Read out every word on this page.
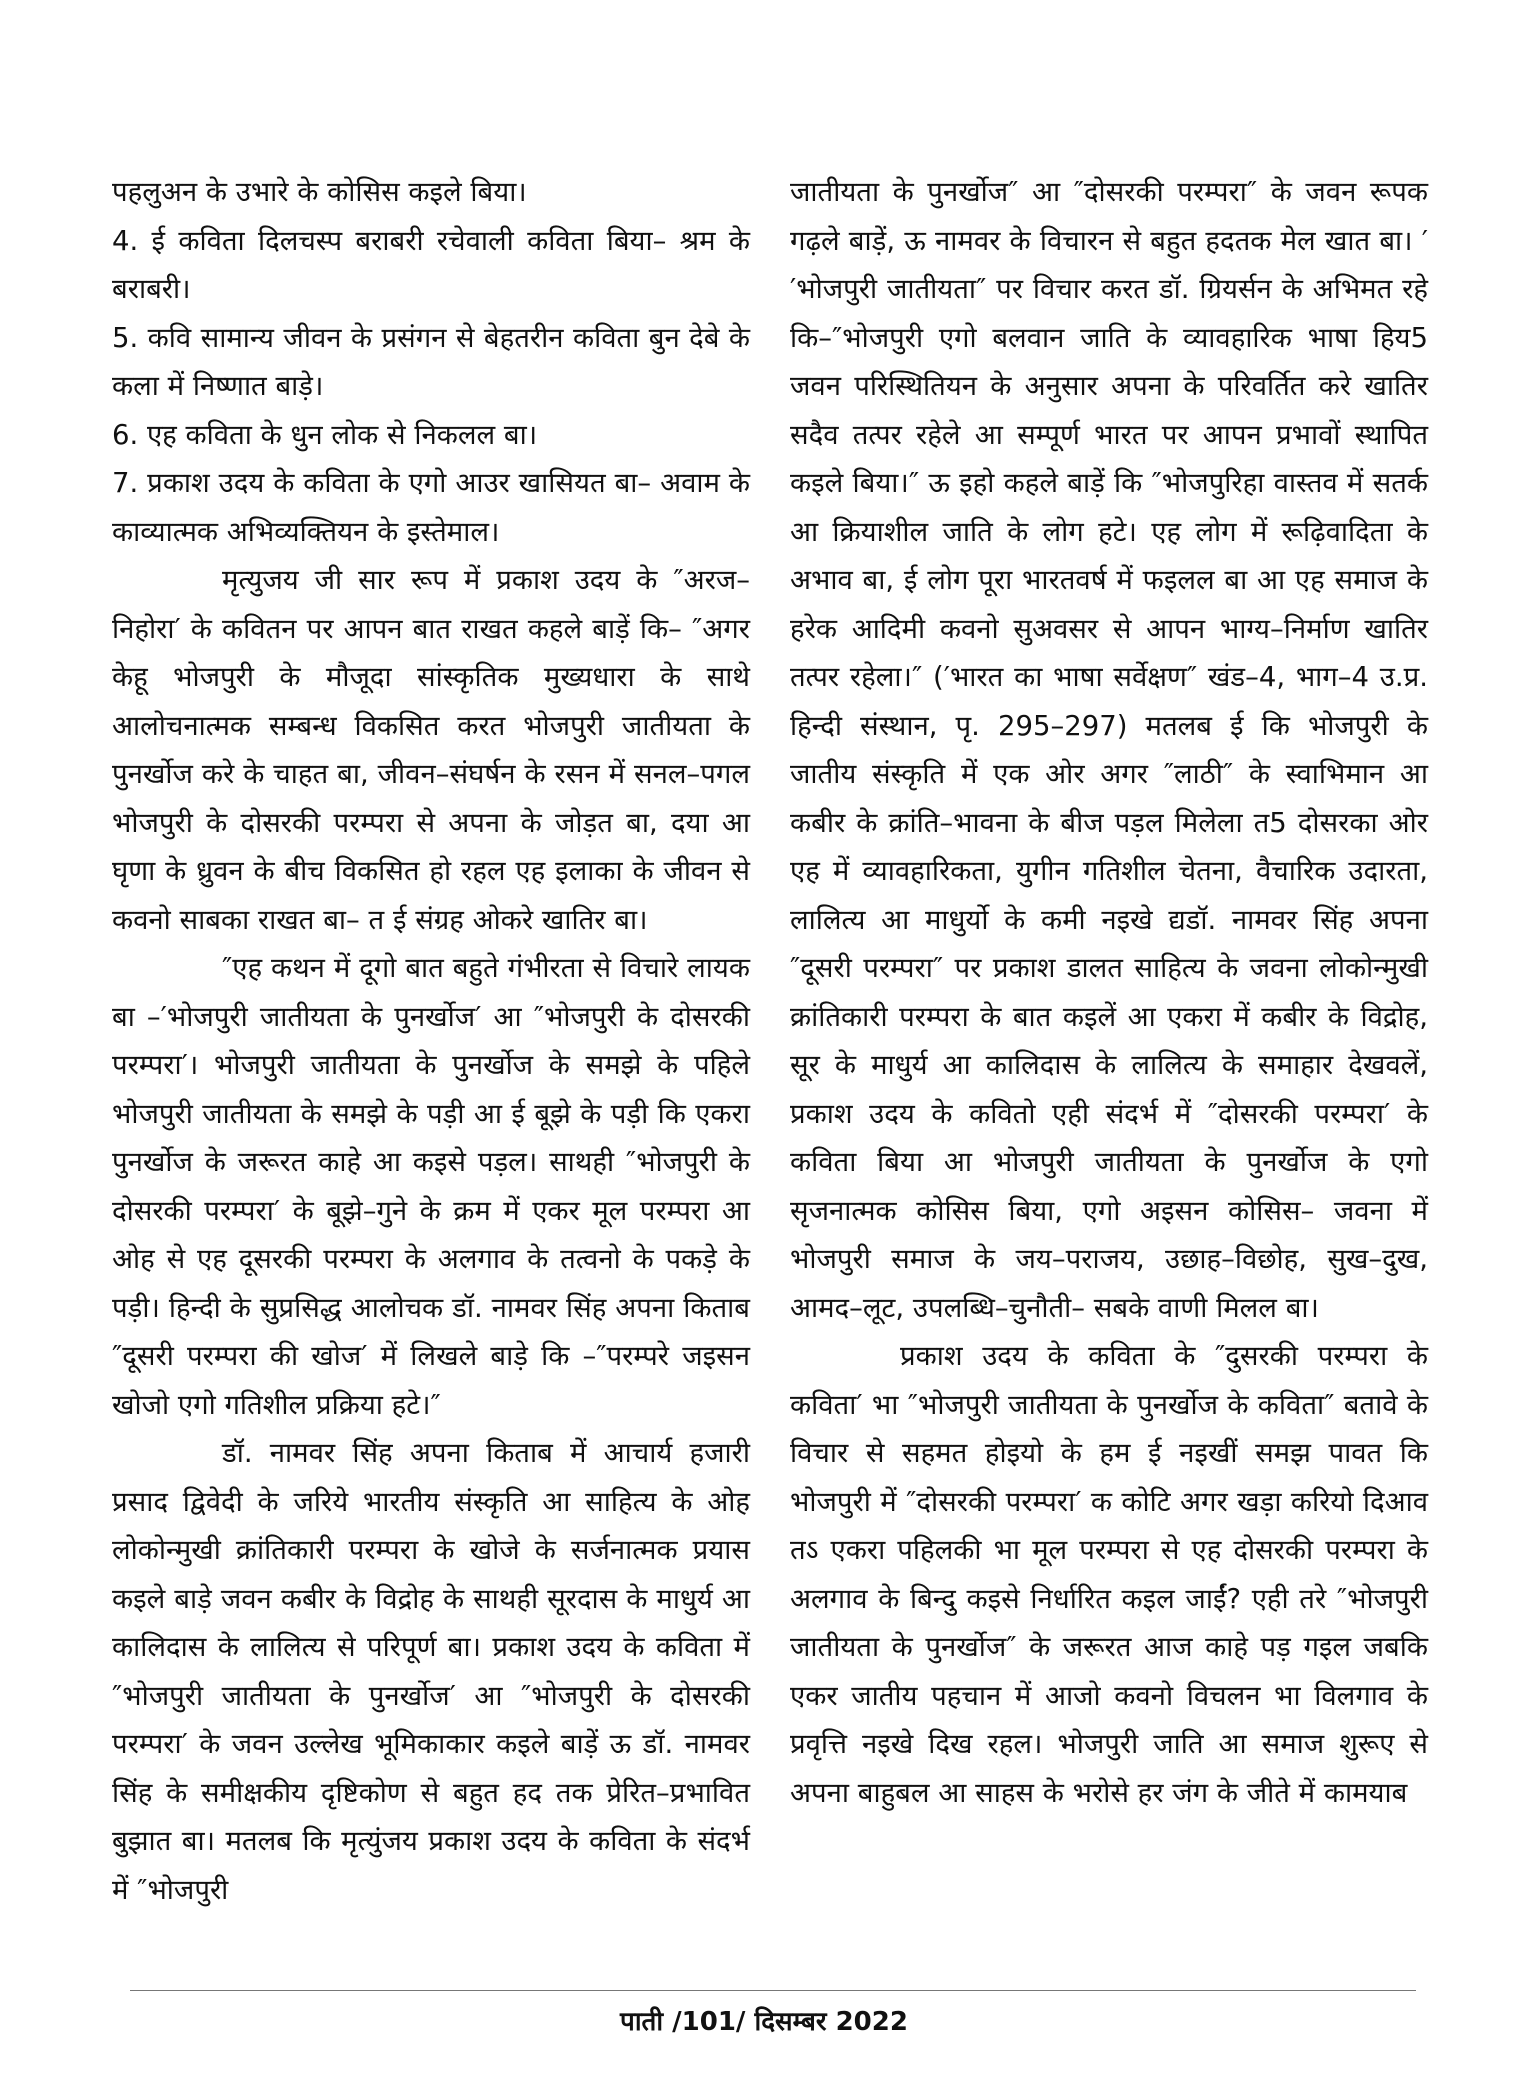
पहलुअन के उभारे के कोसिस कइले बिया।

4. ई कविता दिलचस्प बराबरी रचेवाली कविता बिया– श्रम के बराबरी।

5. कवि सामान्य जीवन के प्रसंगन से बेहतरीन कविता बुन देबे के कला में निष्णात बाड़े।

6. एह कविता के धुन लोक से निकलल बा।

7. प्रकाश उदय के कविता के एगो आउर खासियत बा– अवाम के काव्यात्मक अभिव्यक्तियन के इस्तेमाल।

मृत्युजय जी सार रूप में प्रकाश उदय के ″अरज–निहोरा′ के कवितन पर आपन बात राखत कहले बाड़ें कि– ″अगर केहू भोजपुरी के मौजूदा सांस्कृतिक मुख्यधारा के साथे आलोचनात्मक सम्बन्ध विकसित करत भोजपुरी जातीयता के पुनर्खोज करे के चाहत बा, जीवन–संघर्षन के रसन में सनल–पगल भोजपुरी के दोसरकी परम्परा से अपना के जोड़त बा, दया आ घृणा के ध्रुवन के बीच विकसित हो रहल एह इलाका के जीवन से कवनो साबका राखत बा– त ई संग्रह ओकरे खातिर बा।

″एह कथन में दूगो बात बहुते गंभीरता से विचारे लायक बा –′भोजपुरी जातीयता के पुनर्खोज′ आ ″भोजपुरी के दोसरकी परम्परा′। भोजपुरी जातीयता के पुनर्खोज के समझे के पहिले भोजपुरी जातीयता के समझे के पड़ी आ ई बूझे के पड़ी कि एकरा पुनर्खोज के जरूरत काहे आ कइसे पड़ल। साथही ″भोजपुरी के दोसरकी परम्परा′ के बूझे–गुने के क्रम में एकर मूल परम्परा आ ओह से एह दूसरकी परम्परा के अलगाव के तत्वनो के पकड़े के पड़ी। हिन्दी के सुप्रसिद्ध आलोचक डॉ. नामवर सिंह अपना किताब ″दूसरी परम्परा की खोज′ में लिखले बाड़े कि –″परम्परे जइसन खोजो एगो गतिशील प्रक्रिया हटे।″

डॉ. नामवर सिंह अपना किताब में आचार्य हजारी प्रसाद द्विवेदी के जरिये भारतीय संस्कृति आ साहित्य के ओह लोकोन्मुखी क्रांतिकारी परम्परा के खोजे के सर्जनात्मक प्रयास कइले बाड़े जवन कबीर के विद्रोह के साथही सूरदास के माधुर्य आ कालिदास के लालित्य से परिपूर्ण बा। प्रकाश उदय के कविता में ″भोजपुरी जातीयता के पुनर्खोज′ आ ″भोजपुरी के दोसरकी परम्परा′ के जवन उल्लेख भूमिकाकार कइले बाड़ें ऊ डॉ. नामवर सिंह के समीक्षकीय दृष्टिकोण से बहुत हद तक प्रेरित–प्रभावित बुझात बा। मतलब कि मृत्युंजय प्रकाश उदय के कविता के संदर्भ में ″भोजपुरी

जातीयता के पुनर्खोज″ आ ″दोसरकी परम्परा″ के जवन रूपक गढ़ले बाड़ें, ऊ नामवर के विचारन से बहुत हदतक मेल खात बा। ′′भोजपुरी जातीयता″ पर विचार करत डॉ. ग्रियर्सन के अभिमत रहे कि–″भोजपुरी एगो बलवान जाति के व्यावहारिक भाषा हिय5 जवन परिस्थितियन के अनुसार अपना के परिवर्तित करे खातिर सदैव तत्पर रहेले आ सम्पूर्ण भारत पर आपन प्रभावों स्थापित कइले बिया।″ ऊ इहो कहले बाड़ें कि ″भोजपुरिहा वास्तव में सतर्क आ क्रियाशील जाति के लोग हटे। एह लोग में रूढ़िवादिता के अभाव बा, ई लोग पूरा भारतवर्ष में फइलल बा आ एह समाज के हरेक आदिमी कवनो सुअवसर से आपन भाग्य–निर्माण खातिर तत्पर रहेला।″ (′भारत का भाषा सर्वेक्षण″ खंड–4, भाग–4 उ.प्र. हिन्दी संस्थान, पृ. 295–297) मतलब ई कि भोजपुरी के जातीय संस्कृति में एक ओर अगर ″लाठी″ के स्वाभिमान आ कबीर के क्रांति–भावना के बीज पड़ल मिलेला त5 दोसरका ओर एह में व्यावहारिकता, युगीन गतिशील चेतना, वैचारिक उदारता, लालित्य आ माधुर्यो के कमी नइखे द्यडॉ. नामवर सिंह अपना ″दूसरी परम्परा″ पर प्रकाश डालत साहित्य के जवना लोकोन्मुखी क्रांतिकारी परम्परा के बात कइलें आ एकरा में कबीर के विद्रोह, सूर के माधुर्य आ कालिदास के लालित्य के समाहार देखवलें, प्रकाश उदय के कवितो एही संदर्भ में ″दोसरकी परम्परा′ के कविता बिया आ भोजपुरी जातीयता के पुनर्खोज के एगो सृजनात्मक कोसिस बिया, एगो अइसन कोसिस– जवना में भोजपुरी समाज के जय–पराजय, उछाह–विछोह, सुख–दुख, आमद–लूट, उपलब्धि–चुनौती– सबके वाणी मिलल बा।

प्रकाश उदय के कविता के ″दुसरकी परम्परा के कविता′ भा ″भोजपुरी जातीयता के पुनर्खोज के कविता″ बतावे के विचार से सहमत होइयो के हम ई नइखीं समझ पावत कि भोजपुरी में ″दोसरकी परम्परा′ क कोटि अगर खड़ा करियो दिआव तऽ एकरा पहिलकी भा मूल परम्परा से एह दोसरकी परम्परा के अलगाव के बिन्दु कइसे निर्धारित कइल जाईं? एही तरे ″भोजपुरी जातीयता के पुनर्खोज″ के जरूरत आज काहे पड़ गइल जबकि एकर जातीय पहचान में आजो कवनो विचलन भा विलगाव के प्रवृत्ति नइखे दिख रहल। भोजपुरी जाति आ समाज शुरूए से अपना बाहुबल आ साहस के भरोसे हर जंग के जीते में कामयाब

पाती /101/ दिसम्बर 2022
